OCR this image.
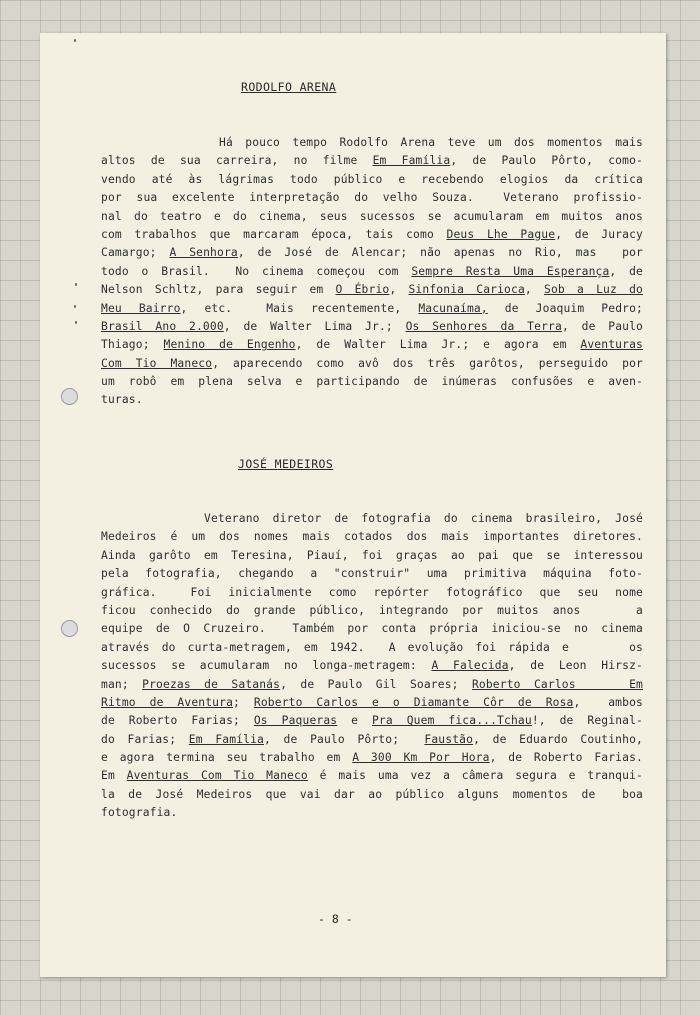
RODOLFO ARENA
Há pouco tempo Rodolfo Arena teve um dos momentos mais
altos de sua carreira, no filme Em Família, de Paulo Pôrto, como-
vendo até às lágrimas todo público e recebendo elogios da crítica
por sua excelente interpretação do velho Souza.  Veterano profissio-
nal do teatro e do cinema, seus sucessos se acumularam em muitos anos
com trabalhos que marcaram época, tais como Deus Lhe Pague, de Juracy
Camargo; A Senhora, de José de Alencar; não apenas no Rio, mas  por
todo o Brasil.  No cinema começou com Sempre Resta Uma Esperança, de
Nelson Schltz, para seguir em O Ébrio, Sinfonia Carioca, Sob a Luz do
Meu Bairro, etc.  Mais recentemente, Macunaíma, de Joaquim Pedro;
Brasil Ano 2.000, de Walter Lima Jr.; Os Senhores da Terra, de Paulo
Thiago; Menino de Engenho, de Walter Lima Jr.; e agora em Aventuras
Com Tio Maneco, aparecendo como avô dos três garôtos, perseguido por
um robô em plena selva e participando de inúmeras confusões e aven-
turas.
JOSÉ MEDEIROS
Veterano diretor de fotografia do cinema brasileiro, José
Medeiros é um dos nomes mais cotados dos mais importantes diretores.
Ainda garôto em Teresina, Piauí, foi graças ao pai que se interessou
pela fotografia, chegando a "construir" uma primitiva máquina foto-
gráfica.  Foi inicialmente como repórter fotográfico que seu nome
ficou conhecido do grande público, integrando por muitos anos    a
equipe de O Cruzeiro.  Também por conta própria iniciou-se no cinema
através do curta-metragem, em 1942.  A evolução foi rápida e     os
sucessos se acumularam no longa-metragem: A Falecida, de Leon Hirsz-
man; Proezas de Satanás, de Paulo Gil Soares; Roberto Carlos    Em
Ritmo de Aventura; Roberto Carlos e o Diamante Côr de Rosa,  ambos
de Roberto Farias; Os Paqueras e Pra Quem fica...Tchau!, de Reginal-
do Farias; Em Família, de Paulo Pôrto;  Faustão, de Eduardo Coutinho,
e agora termina seu trabalho em A 300 Km Por Hora, de Roberto Farias.
Em Aventuras Com Tio Maneco é mais uma vez a câmera segura e tranqui-
la de José Medeiros que vai dar ao público alguns momentos de  boa
fotografia.
- 8 -
